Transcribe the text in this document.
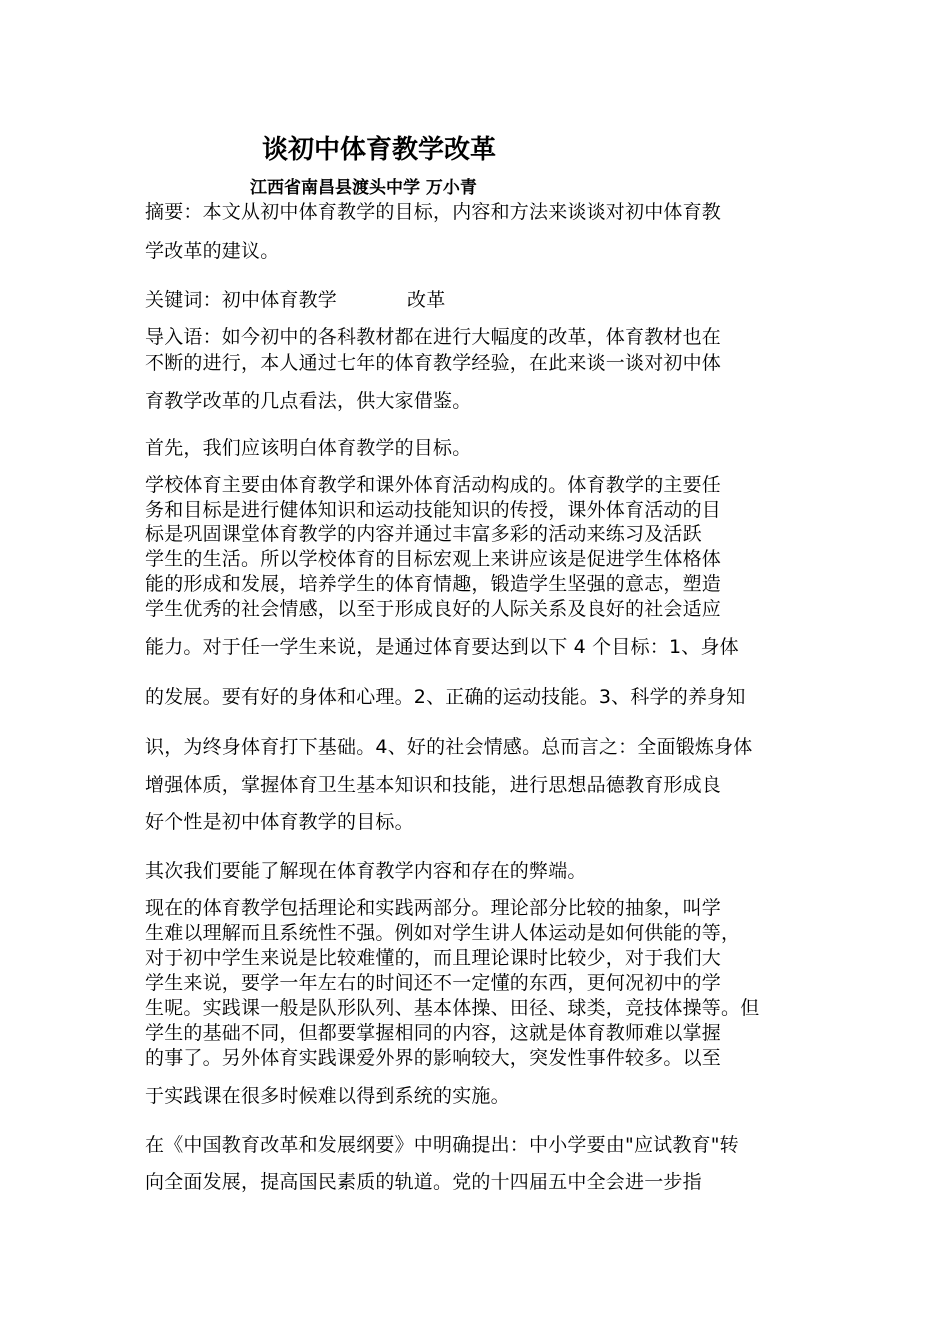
谈初中体育教学改革
江西省南昌县渡头中学 万小青
摘要：本文从初中体育教学的目标，内容和方法来谈谈对初中体育教
学改革的建议。
关键词：初中体育教学	改革
导入语：如今初中的各科教材都在进行大幅度的改革，体育教材也在
不断的进行，本人通过七年的体育教学经验，在此来谈一谈对初中体
育教学改革的几点看法，供大家借鉴。
首先，我们应该明白体育教学的目标。
学校体育主要由体育教学和课外体育活动构成的。体育教学的主要任
务和目标是进行健体知识和运动技能知识的传授，课外体育活动的目
标是巩固课堂体育教学的内容并通过丰富多彩的活动来练习及活跃
学生的生活。所以学校体育的目标宏观上来讲应该是促进学生体格体
能的形成和发展，培养学生的体育情趣，锻造学生坚强的意志，塑造
学生优秀的社会情感，以至于形成良好的人际关系及良好的社会适应
能力。对于任一学生来说，是通过体育要达到以下 4 个目标：1、身体
的发展。要有好的身体和心理。2、正确的运动技能。3、科学的养身知
识，为终身体育打下基础。4、好的社会情感。总而言之：全面锻炼身体
增强体质，掌握体育卫生基本知识和技能，进行思想品德教育形成良
好个性是初中体育教学的目标。
其次我们要能了解现在体育教学内容和存在的弊端。
现在的体育教学包括理论和实践两部分。理论部分比较的抽象，叫学
生难以理解而且系统性不强。例如对学生讲人体运动是如何供能的等，
对于初中学生来说是比较难懂的，而且理论课时比较少，对于我们大
学生来说，要学一年左右的时间还不一定懂的东西，更何况初中的学
生呢。实践课一般是队形队列、基本体操、田径、球类，竞技体操等。但
学生的基础不同，但都要掌握相同的内容，这就是体育教师难以掌握
的事了。另外体育实践课爱外界的影响较大，突发性事件较多。以至
于实践课在很多时候难以得到系统的实施。
在《中国教育改革和发展纲要》中明确提出：中小学要由"应试教育"转
向全面发展，提高国民素质的轨道。党的十四届五中全会进一步指
